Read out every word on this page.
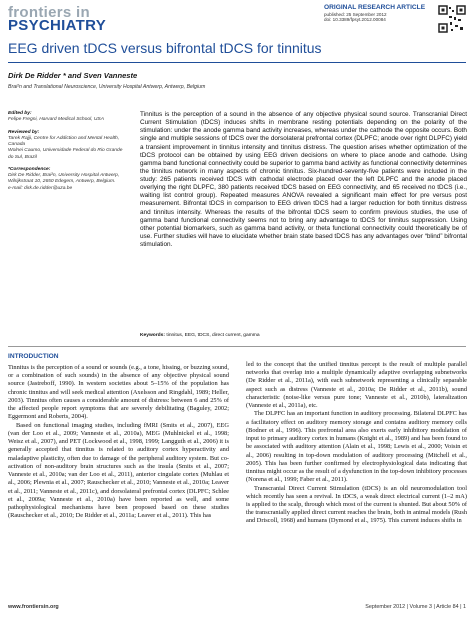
frontiers in
PSYCHIATRY
ORIGINAL RESEARCH ARTICLE
published: 25 September 2012
doi: 10.3389/fpsyt.2012.00084
EEG driven tDCS versus bifrontal tDCS for tinnitus
Dirk De Ridder * and Sven Vanneste
Brai²n and Translational Neuroscience, University Hospital Antwerp, Antwerp, Belgium
Edited by:
Felipe Fregni, Harvard Medical School, USA
Reviewed by:
Tarek Rajji, Centre for Addiction and Mental Health, Canada
Wolnei Caumo, Universidade Federal do Rio Grande do Sul, Brazil
*Correspondence:
Dirk De Ridder, Brai²n, University Hospital Antwerp, Wilrijkstraat 10, 2650 Edegem, Antwerp, Belgium.
e-mail: dirk.de.ridder@uza.be
Tinnitus is the perception of a sound in the absence of any objective physical sound source. Transcranial Direct Current Stimulation (tDCS) induces shifts in membrane resting potentials depending on the polarity of the stimulation: under the anode gamma band activity increases, whereas under the cathode the opposite occurs. Both single and multiple sessions of tDCS over the dorsolateral prefrontal cortex (DLPFC; anode over right DLPFC) yield a transient improvement in tinnitus intensity and tinnitus distress. The question arises whether optimization of the tDCS protocol can be obtained by using EEG driven decisions on where to place anode and cathode. Using gamma band functional connectivity could be superior to gamma band activity as functional connectivity determines the tinnitus network in many aspects of chronic tinnitus. Six-hundred-seventy-five patients were included in the study: 265 patients received tDCS with cathodal electrode placed over the left DLPFC and the anode placed overlying the right DLPFC, 380 patients received tDCS based on EEG connectivity, and 65 received no tDCS (i.e., waiting list control group). Repeated measures ANOVA revealed a significant main effect for pre versus post measurement. Bifrontal tDCS in comparison to EEG driven tDCS had a larger reduction for both tinnitus distress and tinnitus intensity. Whereas the results of the bifrontal tDCS seem to confirm previous studies, the use of gamma band functional connectivity seems not to bring any advantage to tDCS for tinnitus suppression. Using other potential biomarkers, such as gamma band activity, or theta functional connectivity could theoretically be of use. Further studies will have to elucidate whether brain state based tDCS has any advantages over “blind” bifrontal stimulation.
Keywords: tinnitus, EEG, tDCS, direct current, gamma
INTRODUCTION

Tinnitus is the perception of a sound or sounds (e.g., a tone, hissing, or buzzing sound, or a combination of such sounds) in the absence of any objective physical sound source (Jastreboff, 1990). In western societies about 5–15% of the population has chronic tinnitus and will seek medical attention (Axelsson and Ringdahl, 1989; Heller, 2003). Tinnitus often causes a considerable amount of distress: between 6 and 25% of the affected people report symptoms that are severely debilitating (Baguley, 2002; Eggermont and Roberts, 2004).

Based on functional imaging studies, including fMRI (Smits et al., 2007), EEG (van der Loo et al., 2009; Vanneste et al., 2010a), MEG (Muhlnickel et al., 1998; Weisz et al., 2007), and PET (Lockwood et al., 1998, 1999; Langguth et al., 2006) it is generally accepted that tinnitus is related to auditory cortex hyperactivity and maladaptive plasticity, often due to damage of the peripheral auditory system. But co-activation of non-auditory brain structures such as the insula (Smits et al., 2007; Vanneste et al., 2010a; van der Loo et al., 2011), anterior cingulate cortex (Muhlau et al., 2006; Plewnia et al., 2007; Rauschecker et al., 2010; Vanneste et al., 2010a; Leaver et al., 2011; Vanneste et al., 2011c), and dorsolateral prefrontal cortex (DLPFC; Schlee et al., 2009a; Vanneste et al., 2010a) have been reported as well, and some pathophysiological mechanisms have been proposed based on these studies (Rauschecker et al., 2010; De Ridder et al., 2011a; Leaver et al., 2011). This has

led to the concept that the unified tinnitus percept is the result of multiple parallel networks that overlap into a multiple dynamically adaptive overlapping subnetworks (De Ridder et al., 2011a), with each subnetwork representing a clinically separable aspect such as distress (Vanneste et al., 2010a; De Ridder et al., 2011b), sound characteristic (noise-like versus pure tone; Vanneste et al., 2010b), lateralization (Vanneste et al., 2011a), etc.

The DLPFC has an important function in auditory processing. Bilateral DLPFC has a facilitatory effect on auditory memory storage and contains auditory memory cells (Bodner et al., 1996). This prefrontal area also exerts early inhibitory modulation of input to primary auditory cortex in humans (Knight et al., 1989) and has been found to be associated with auditory attention (Alain et al., 1998; Lewis et al., 2000; Voisin et al., 2006) resulting in top-down modulation of auditory processing (Mitchell et al., 2005). This has been further confirmed by electrophysiological data indicating that tinnitus might occur as the result of a dysfunction in the top-down inhibitory processes (Norena et al., 1999; Faber et al., 2011).

Transcranial Direct Current Stimulation (tDCS) is an old neuromodulation tool which recently has seen a revival. In tDCS, a weak direct electrical current (1–2 mA) is applied to the scalp, through which most of the current is shunted. But about 50% of the transcranially applied direct current reaches the brain, both in animal models (Rush and Driscoll, 1968) and humans (Dymond et al., 1975). This current induces shifts in

www.frontiersin.org	September 2012 | Volume 3 | Article 84 | 1
